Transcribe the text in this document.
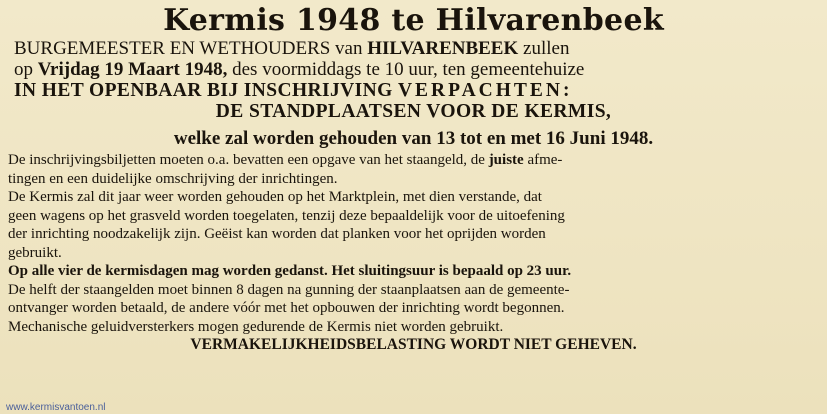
Kermis 1948 te Hilvarenbeek

BURGEMEESTER EN WETHOUDERS van HILVARENBEEK zullen

op Vrijdag 19 Maart 1948, des voormiddags te 10 uur, ten gemeentehuize

IN HET OPENBAAR BIJ INSCHRIJVING VERPACHTEN:

DE STANDPLAATSEN VOOR DE KERMIS,

welke zal worden gehouden van 13 tot en met 16 Juni 1948.

De inschrijvingsbiljetten moeten o.a. bevatten een opgave van het staangeld, de juiste afme-

tingen en een duidelijke omschrijving der inrichtingen.

De Kermis zal dit jaar weer worden gehouden op het Marktplein, met dien verstande, dat

geen wagens op het grasveld worden toegelaten, tenzij deze bepaaldelijk voor de uitoefening

der inrichting noodzakelijk zijn. Geëist kan worden dat planken voor het oprijden worden

gebruikt.

Op alle vier de kermisdagen mag worden gedanst. Het sluitingsuur is bepaald op 23 uur.

De helft der staangelden moet binnen 8 dagen na gunning der staanplaatsen aan de gemeente-

ontvanger worden betaald, de andere vóór met het opbouwen der inrichting wordt begonnen.

Mechanische geluidversterkers mogen gedurende de Kermis niet worden gebruikt.

VERMAKELIJKHEIDSBELASTING WORDT NIET GEHEVEN.

www.kermisvantoen.nl
